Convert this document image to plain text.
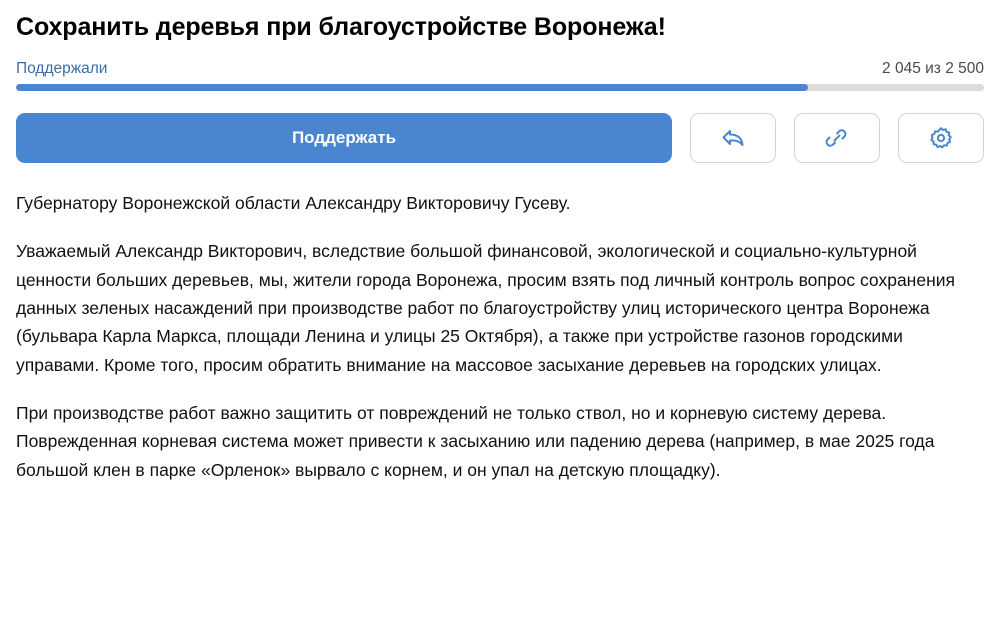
Сохранить деревья при благоустройстве Воронежа!
Поддержали	2 045 из 2 500
Поддержать

Губернатору Воронежской области Александру Викторовичу Гусеву.

Уважаемый Александр Викторович, вследствие большой финансовой, экологической и социально-культурной ценности больших деревьев, мы, жители города Воронежа, просим взять под личный контроль вопрос сохранения данных зеленых насаждений при производстве работ по благоустройству улиц исторического центра Воронежа (бульвара Карла Маркса, площади Ленина и улицы 25 Октября), а также при устройстве газонов городскими управами. Кроме того, просим обратить внимание на массовое засыхание деревьев на городских улицах.

При производстве работ важно защитить от повреждений не только ствол, но и корневую систему дерева. Поврежденная корневая система может привести к засыханию или падению дерева (например, в мае 2025 года большой клен в парке «Орленок» вырвало с корнем, и он упал на детскую площадку).
